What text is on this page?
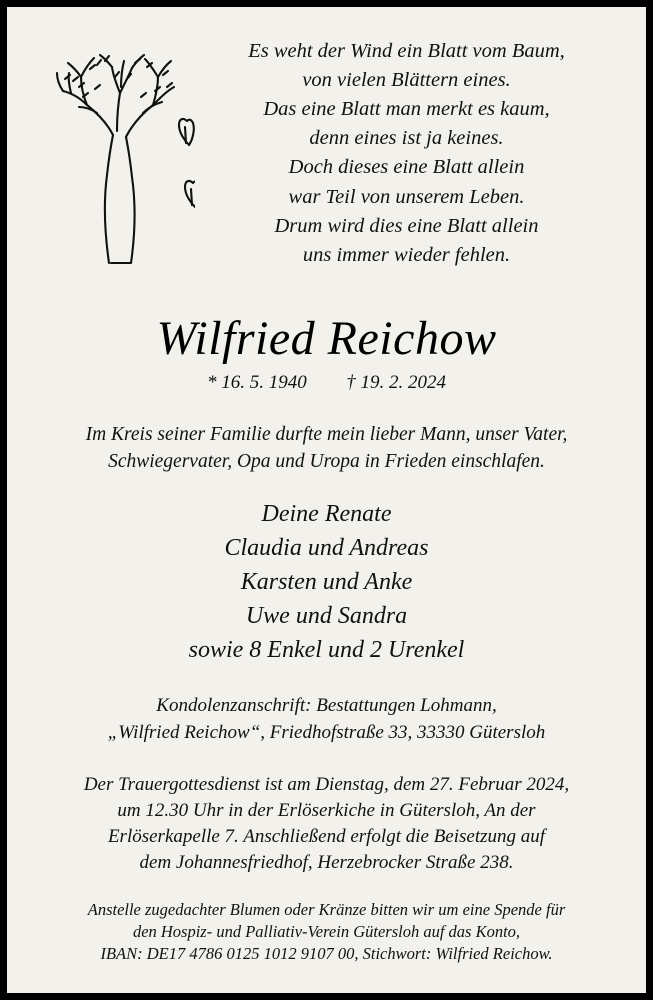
Es weht der Wind ein Blatt vom Baum,
von vielen Blättern eines.
Das eine Blatt man merkt es kaum,
denn eines ist ja keines.
Doch dieses eine Blatt allein
war Teil von unserem Leben.
Drum wird dies eine Blatt allein
uns immer wieder fehlen.
Wilfried Reichow
* 16. 5. 1940 † 19. 2. 2024
Im Kreis seiner Familie durfte mein lieber Mann, unser Vater,
Schwiegervater, Opa und Uropa in Frieden einschlafen.
Deine Renate
Claudia und Andreas
Karsten und Anke
Uwe und Sandra
sowie 8 Enkel und 2 Urenkel
Kondolenzanschrift: Bestattungen Lohmann,
„Wilfried Reichow“, Friedhofstraße 33, 33330 Gütersloh
Der Trauergottesdienst ist am Dienstag, dem 27. Februar 2024,
um 12.30 Uhr in der Erlöserkiche in Gütersloh, An der
Erlöserkapelle 7. Anschließend erfolgt die Beisetzung auf
dem Johannesfriedhof, Herzebrocker Straße 238.
Anstelle zugedachter Blumen oder Kränze bitten wir um eine Spende für
den Hospiz- und Palliativ-Verein Gütersloh auf das Konto,
IBAN: DE17 4786 0125 1012 9107 00, Stichwort: Wilfried Reichow.
